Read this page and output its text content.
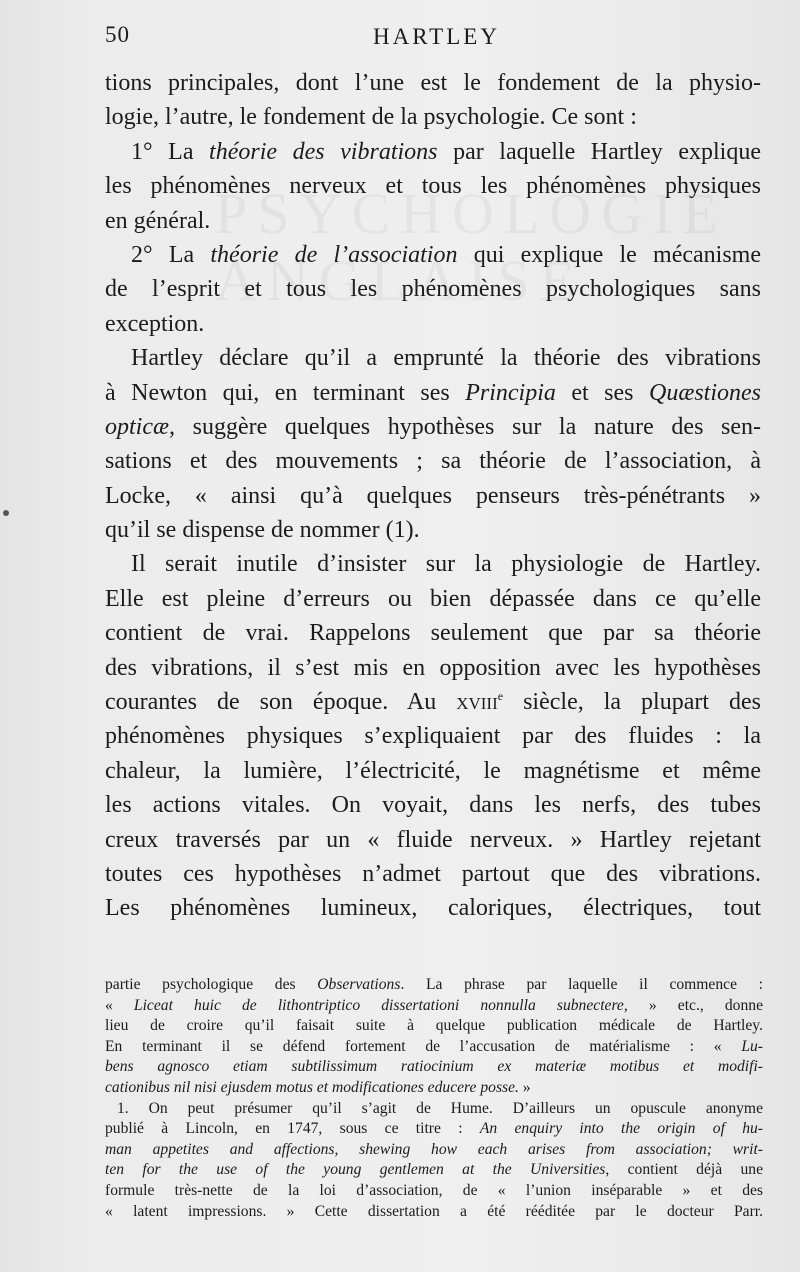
50	HARTLEY
tions principales, dont l’une est le fondement de la physio-
logie, l’autre, le fondement de la psychologie. Ce sont :
1° La théorie des vibrations par laquelle Hartley explique
les phénomènes nerveux et tous les phénomènes physiques
en général.
2° La théorie de l’association qui explique le mécanisme
de l’esprit et tous les phénomènes psychologiques sans
exception.
Hartley déclare qu’il a emprunté la théorie des vibrations
à Newton qui, en terminant ses Principia et ses Quæstiones
opticæ, suggère quelques hypothèses sur la nature des sen-
sations et des mouvements ; sa théorie de l’association, à
Locke, « ainsi qu’à quelques penseurs très-pénétrants »
qu’il se dispense de nommer (1).
Il serait inutile d’insister sur la physiologie de Hartley.
Elle est pleine d’erreurs ou bien dépassée dans ce qu’elle
contient de vrai. Rappelons seulement que par sa théorie
des vibrations, il s’est mis en opposition avec les hypothèses
courantes de son époque. Au xviii$^e$ siècle, la plupart des
phénomènes physiques s’expliquaient par des fluides : la
chaleur, la lumière, l’électricité, le magnétisme et même
les actions vitales. On voyait, dans les nerfs, des tubes
creux traversés par un « fluide nerveux. » Hartley rejetant
toutes ces hypothèses n’admet partout que des vibrations.
Les phénomènes lumineux, caloriques, électriques, tout
partie psychologique des Observations. La phrase par laquelle il commence :
« Liceat huic de lithontriptico dissertationi nonnulla subnectere, » etc., donne
lieu de croire qu’il faisait suite à quelque publication médicale de Hartley.
En terminant il se défend fortement de l’accusation de matérialisme : « Lu-
bens agnosco etiam subtilissimum ratiocinium ex materiæ motibus et modifi-
cationibus nil nisi ejusdem motus et modificationes educere posse. »
1. On peut présumer qu’il s’agit de Hume. D’ailleurs un opuscule anonyme
publié à Lincoln, en 1747, sous ce titre : An enquiry into the origin of hu-
man appetites and affections, shewing how each arises from association; writ-
ten for the use of the young gentlemen at the Universities, contient déjà une
formule très-nette de la loi d’association, de « l’union inséparable » et des
« latent impressions. » Cette dissertation a été rééditée par le docteur Parr.
